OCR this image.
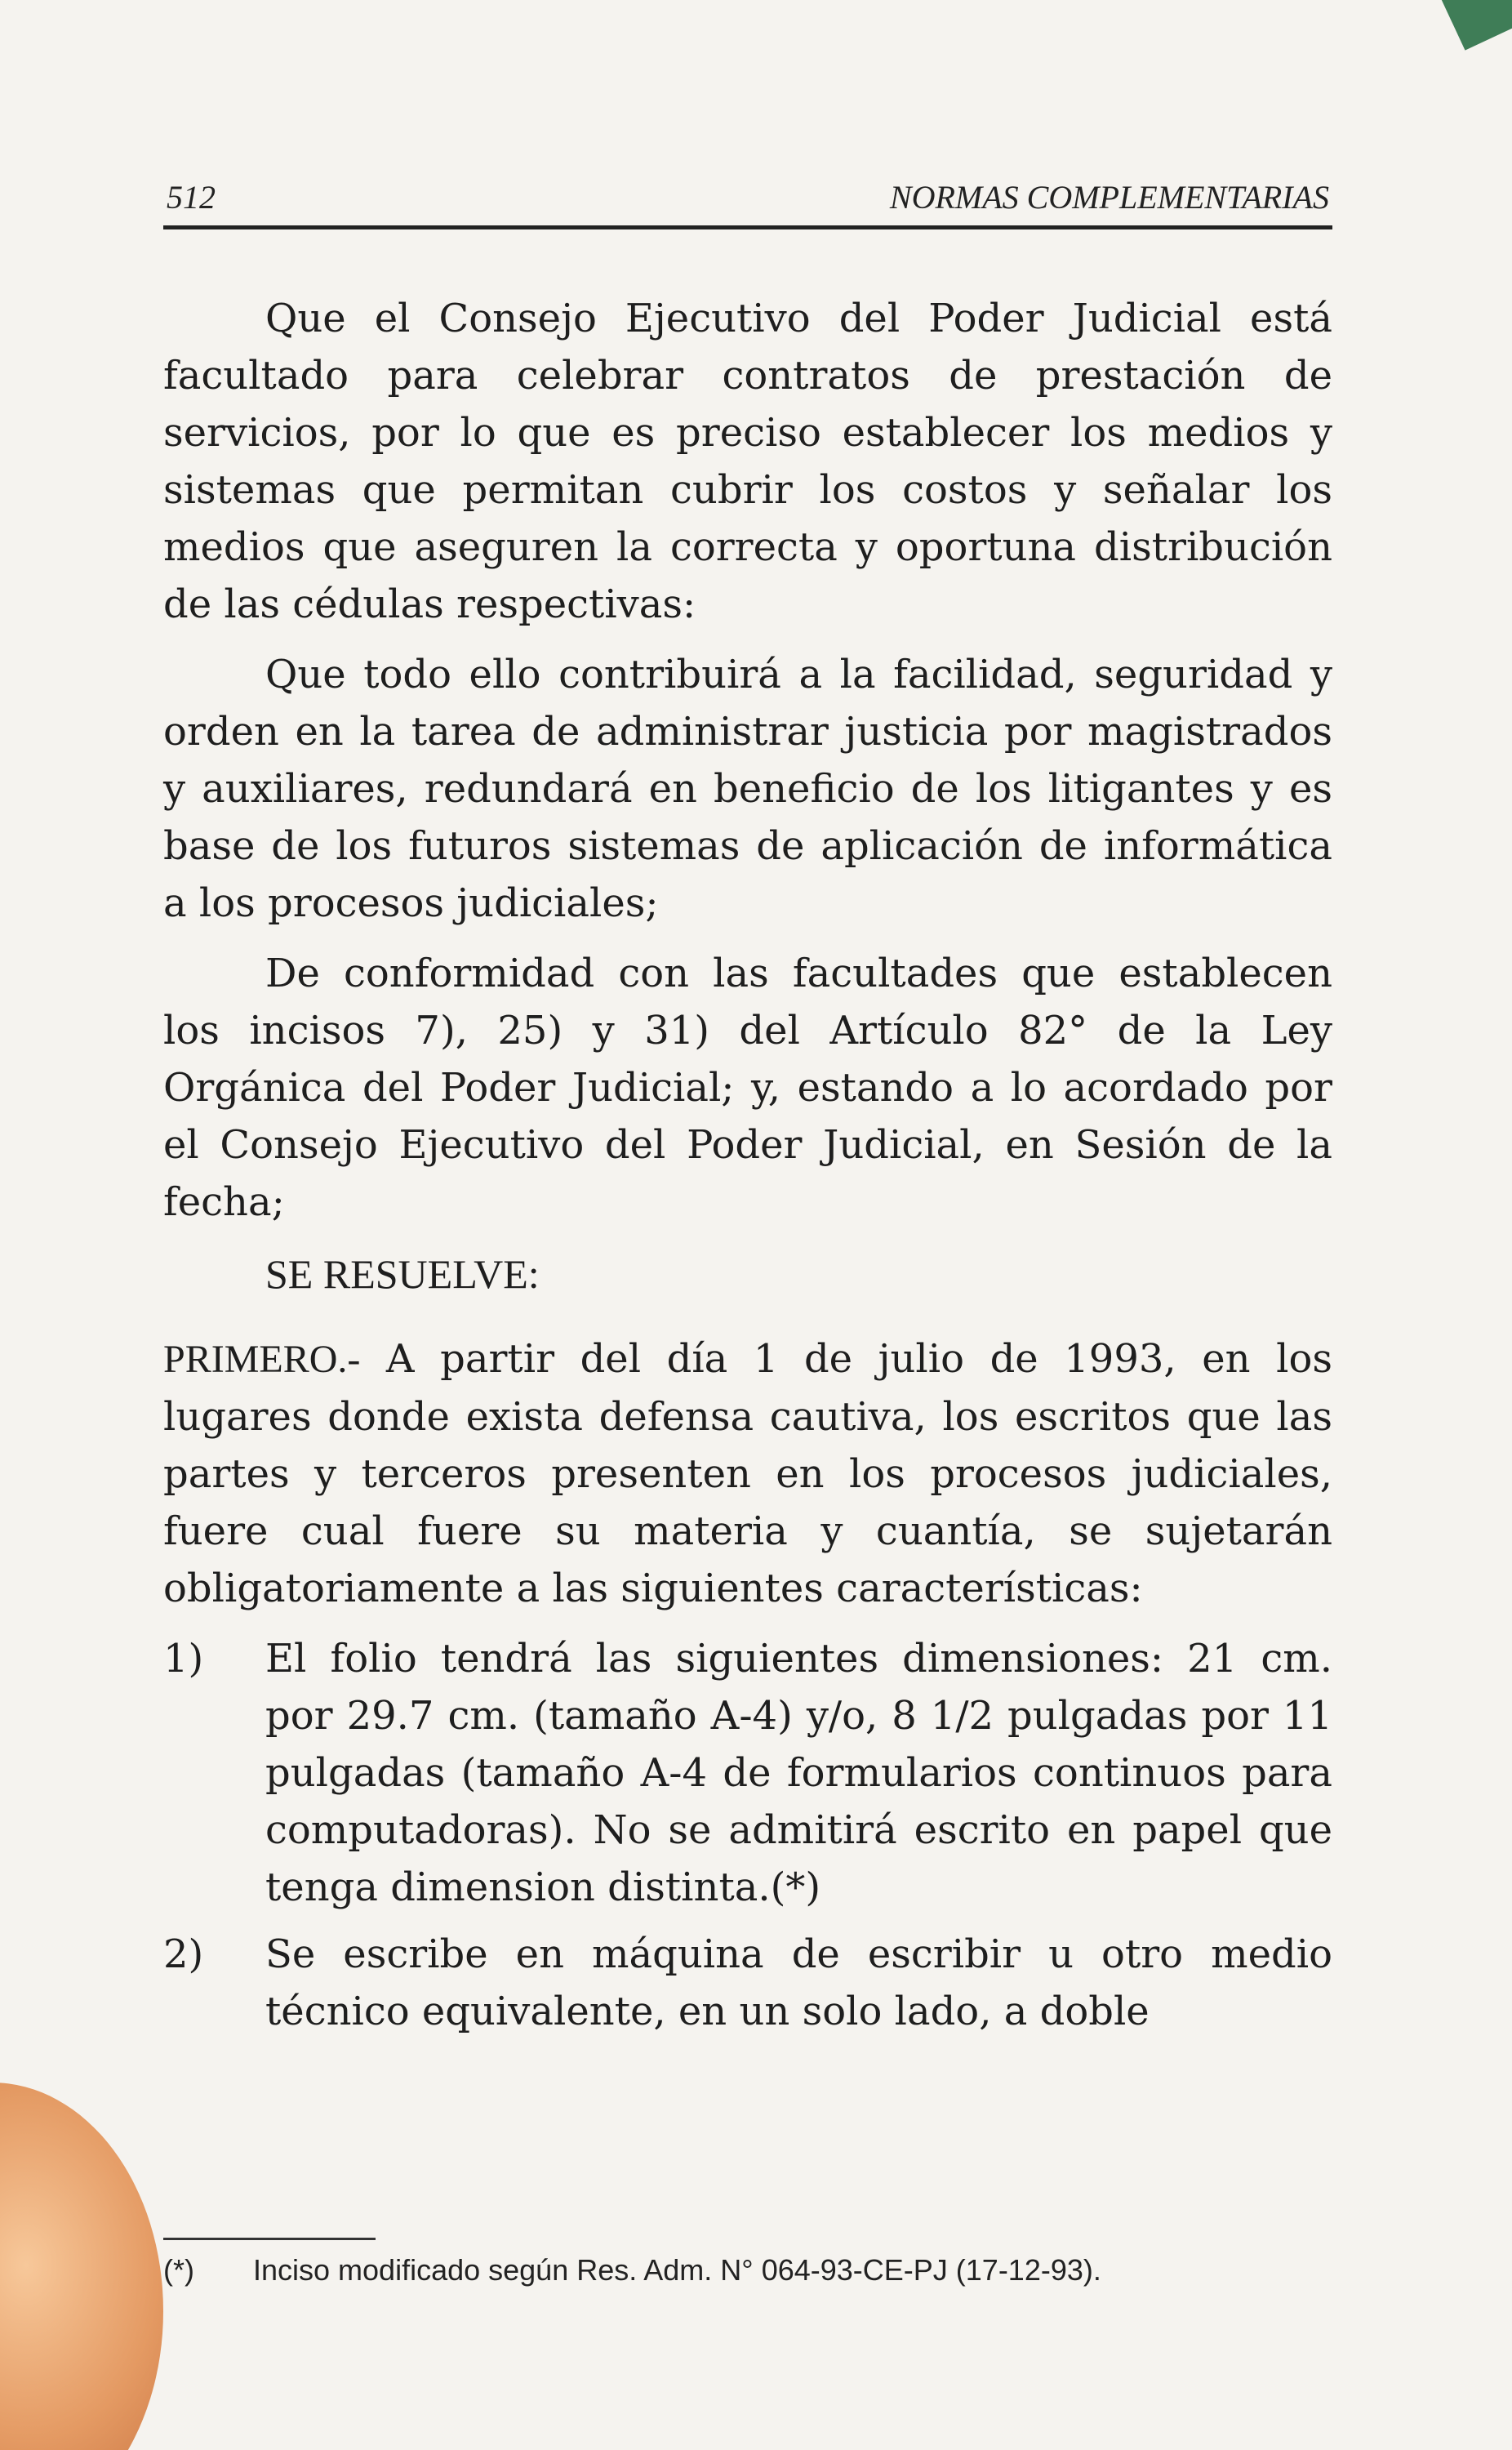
512	NORMAS COMPLEMENTARIAS

Que el Consejo Ejecutivo del Poder Judicial está facultado para celebrar contratos de prestación de servicios, por lo que es preciso establecer los medios y sistemas que permitan cubrir los costos y señalar los medios que aseguren la correcta y oportuna distribución de las cédulas respectivas:

Que todo ello contribuirá a la facilidad, seguridad y orden en la tarea de administrar justicia por magistrados y auxiliares, redundará en beneficio de los litigantes y es base de los futuros sistemas de aplicación de informática a los procesos judiciales;

De conformidad con las facultades que establecen los incisos 7), 25) y 31) del Artículo 82° de la Ley Orgánica del Poder Judicial; y, estando a lo acordado por el Consejo Ejecutivo del Poder Judicial, en Sesión de la fecha;

SE RESUELVE:

PRIMERO.- A partir del día 1 de julio de 1993, en los lugares donde exista defensa cautiva, los escritos que las partes y terceros presenten en los procesos judiciales, fuere cual fuere su materia y cuantía, se sujetarán obligatoriamente a las siguientes características:

1)	El folio tendrá las siguientes dimensiones: 21 cm. por 29.7 cm. (tamaño A-4) y/o, 8 1/2 pulgadas por 11 pulgadas (tamaño A-4 de formularios continuos para computadoras). No se admitirá escrito en papel que tenga dimension distinta.(*)
2)	Se escribe en máquina de escribir u otro medio técnico equivalente, en un solo lado, a doble
(*)	Inciso modificado según Res. Adm. N° 064-93-CE-PJ (17-12-93).
